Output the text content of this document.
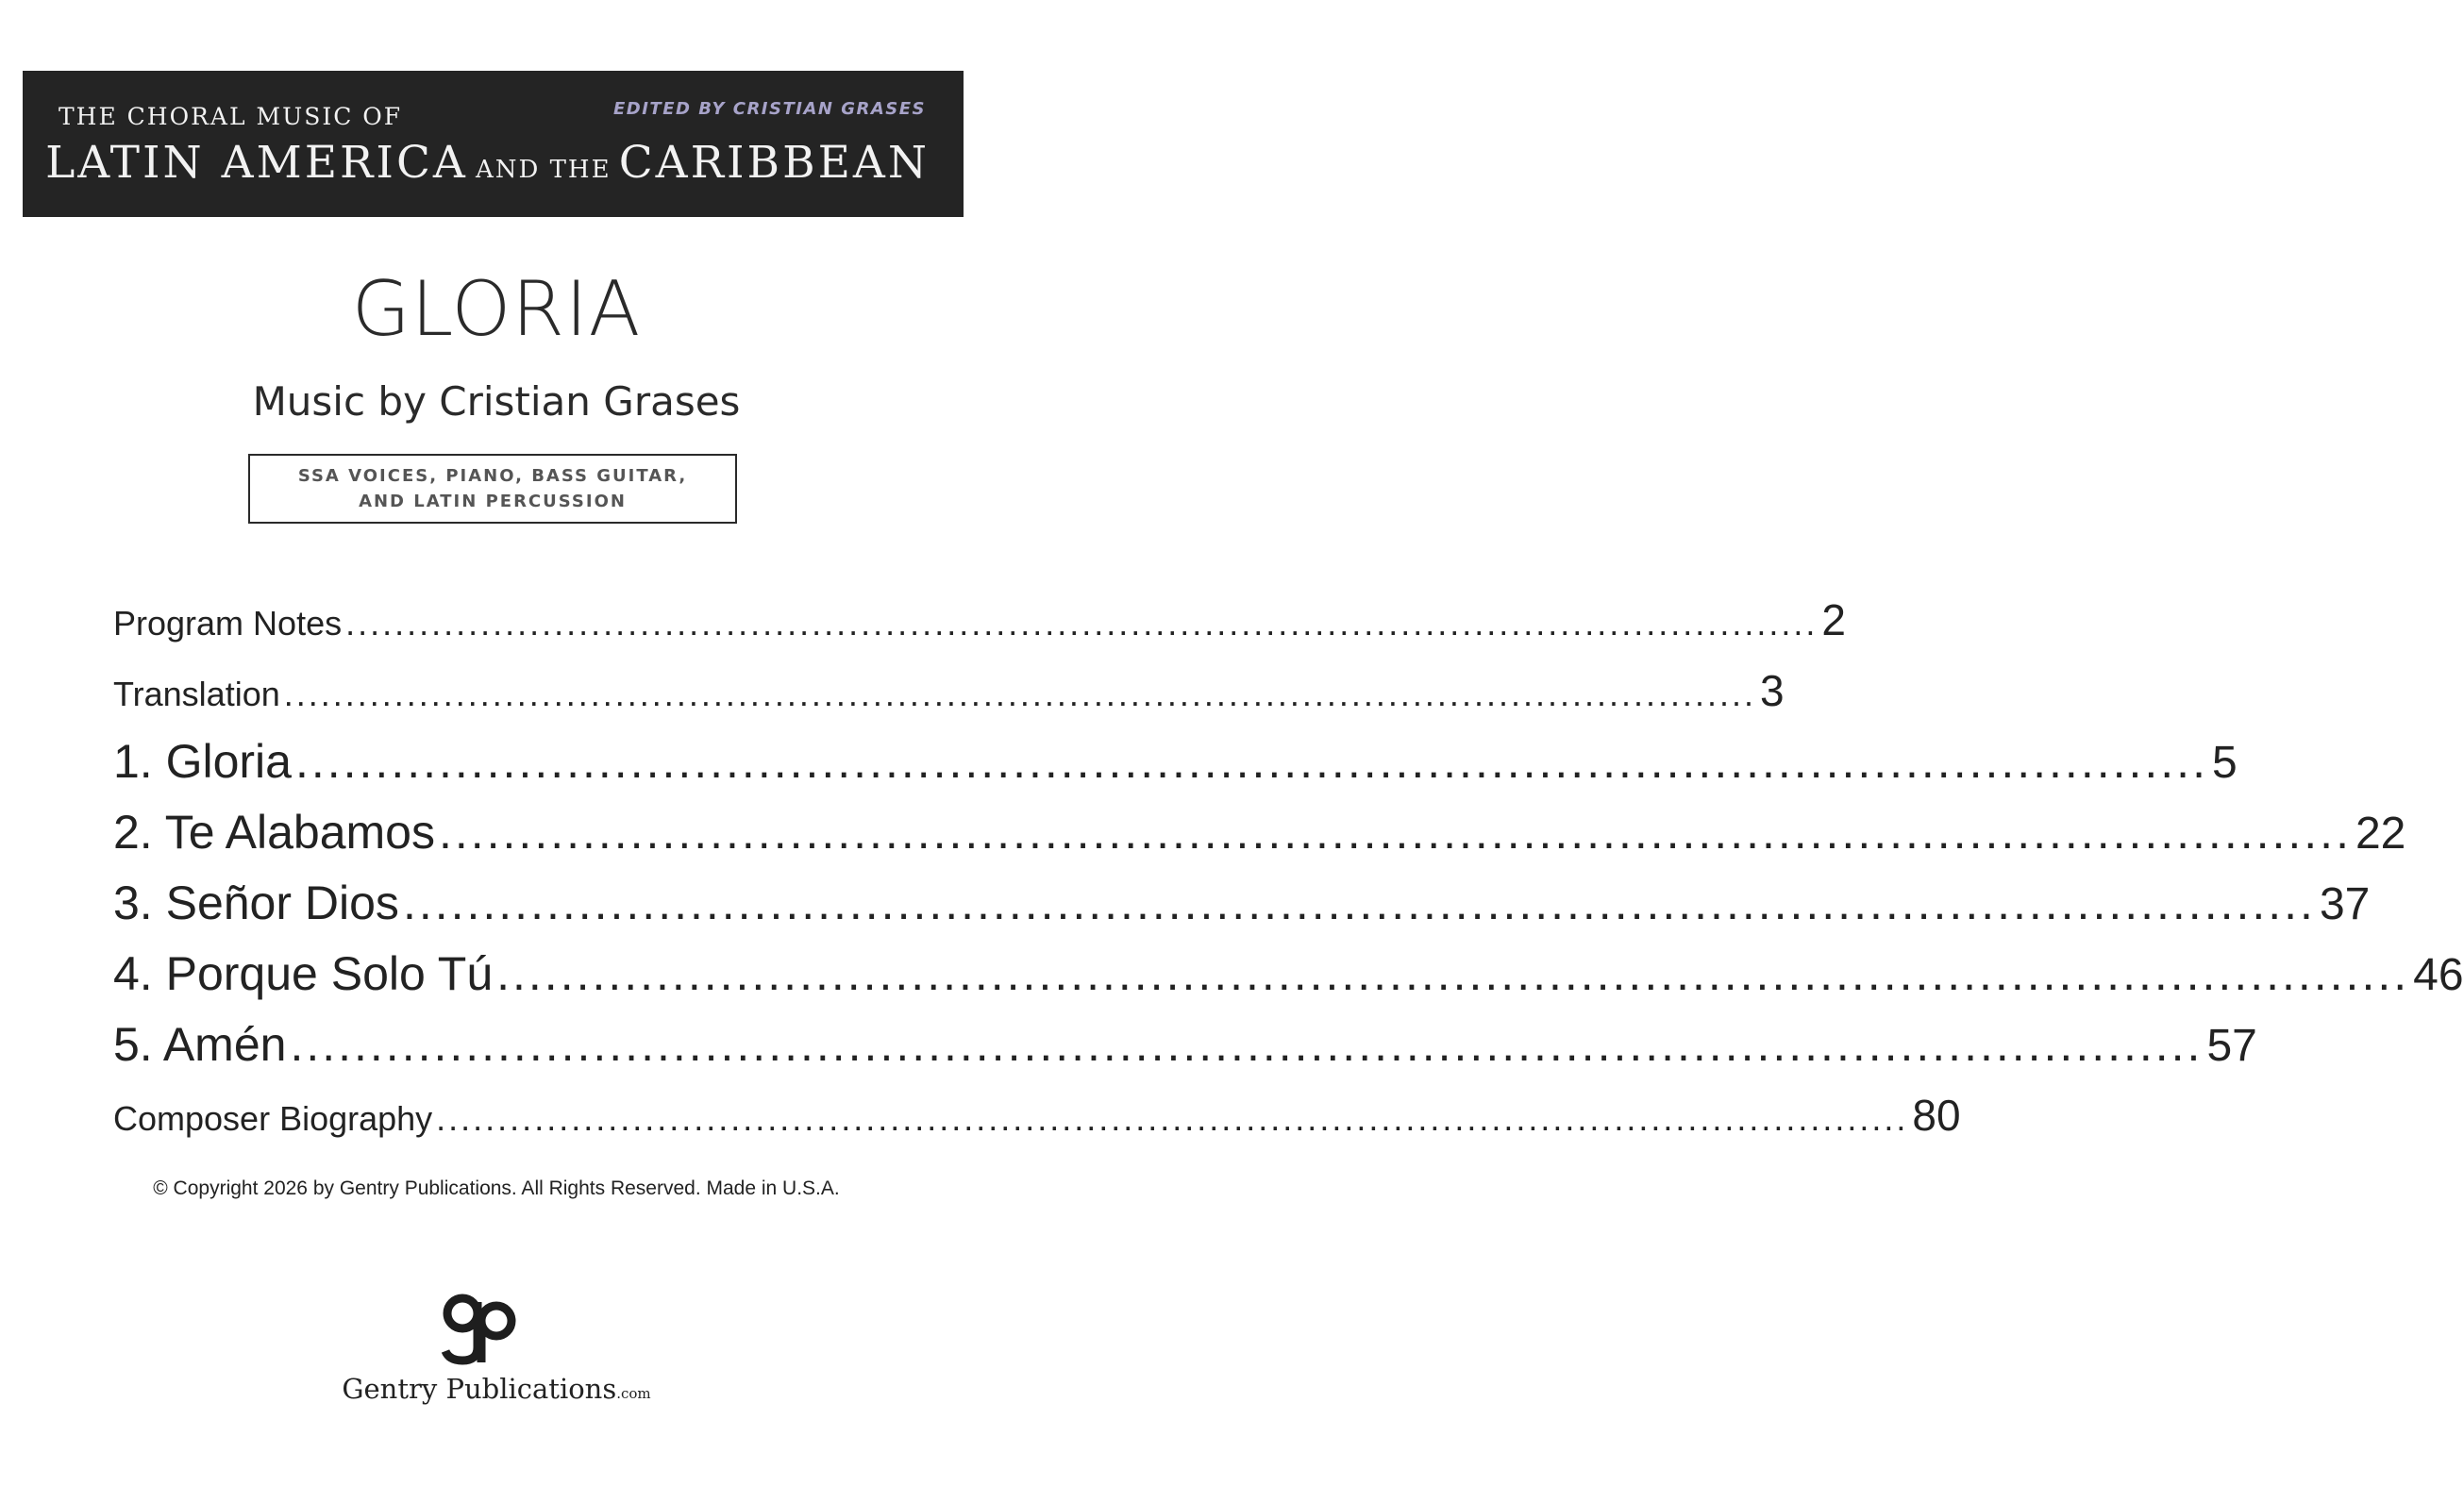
THE CHORAL MUSIC OF	EDITED BY CRISTIAN GRASES
LATIN AMERICA AND THE CARIBBEAN
GLORIA
Music by Cristian Grases
SSA VOICES, PIANO, BASS GUITAR,
AND LATIN PERCUSSION
Program Notes ........................................................................................................................ 2
Translation ........................................................................................................................ 3
1. Gloria ........................................................................................................................ 5
2. Te Alabamos ........................................................................................................................ 22
3. Señor Dios ........................................................................................................................ 37
4. Porque Solo Tú ........................................................................................................................ 46
5. Amén ........................................................................................................................ 57
Composer Biography ........................................................................................................................ 80
© Copyright 2026 by Gentry Publications. All Rights Reserved. Made in U.S.A.
Gentry Publications.com
